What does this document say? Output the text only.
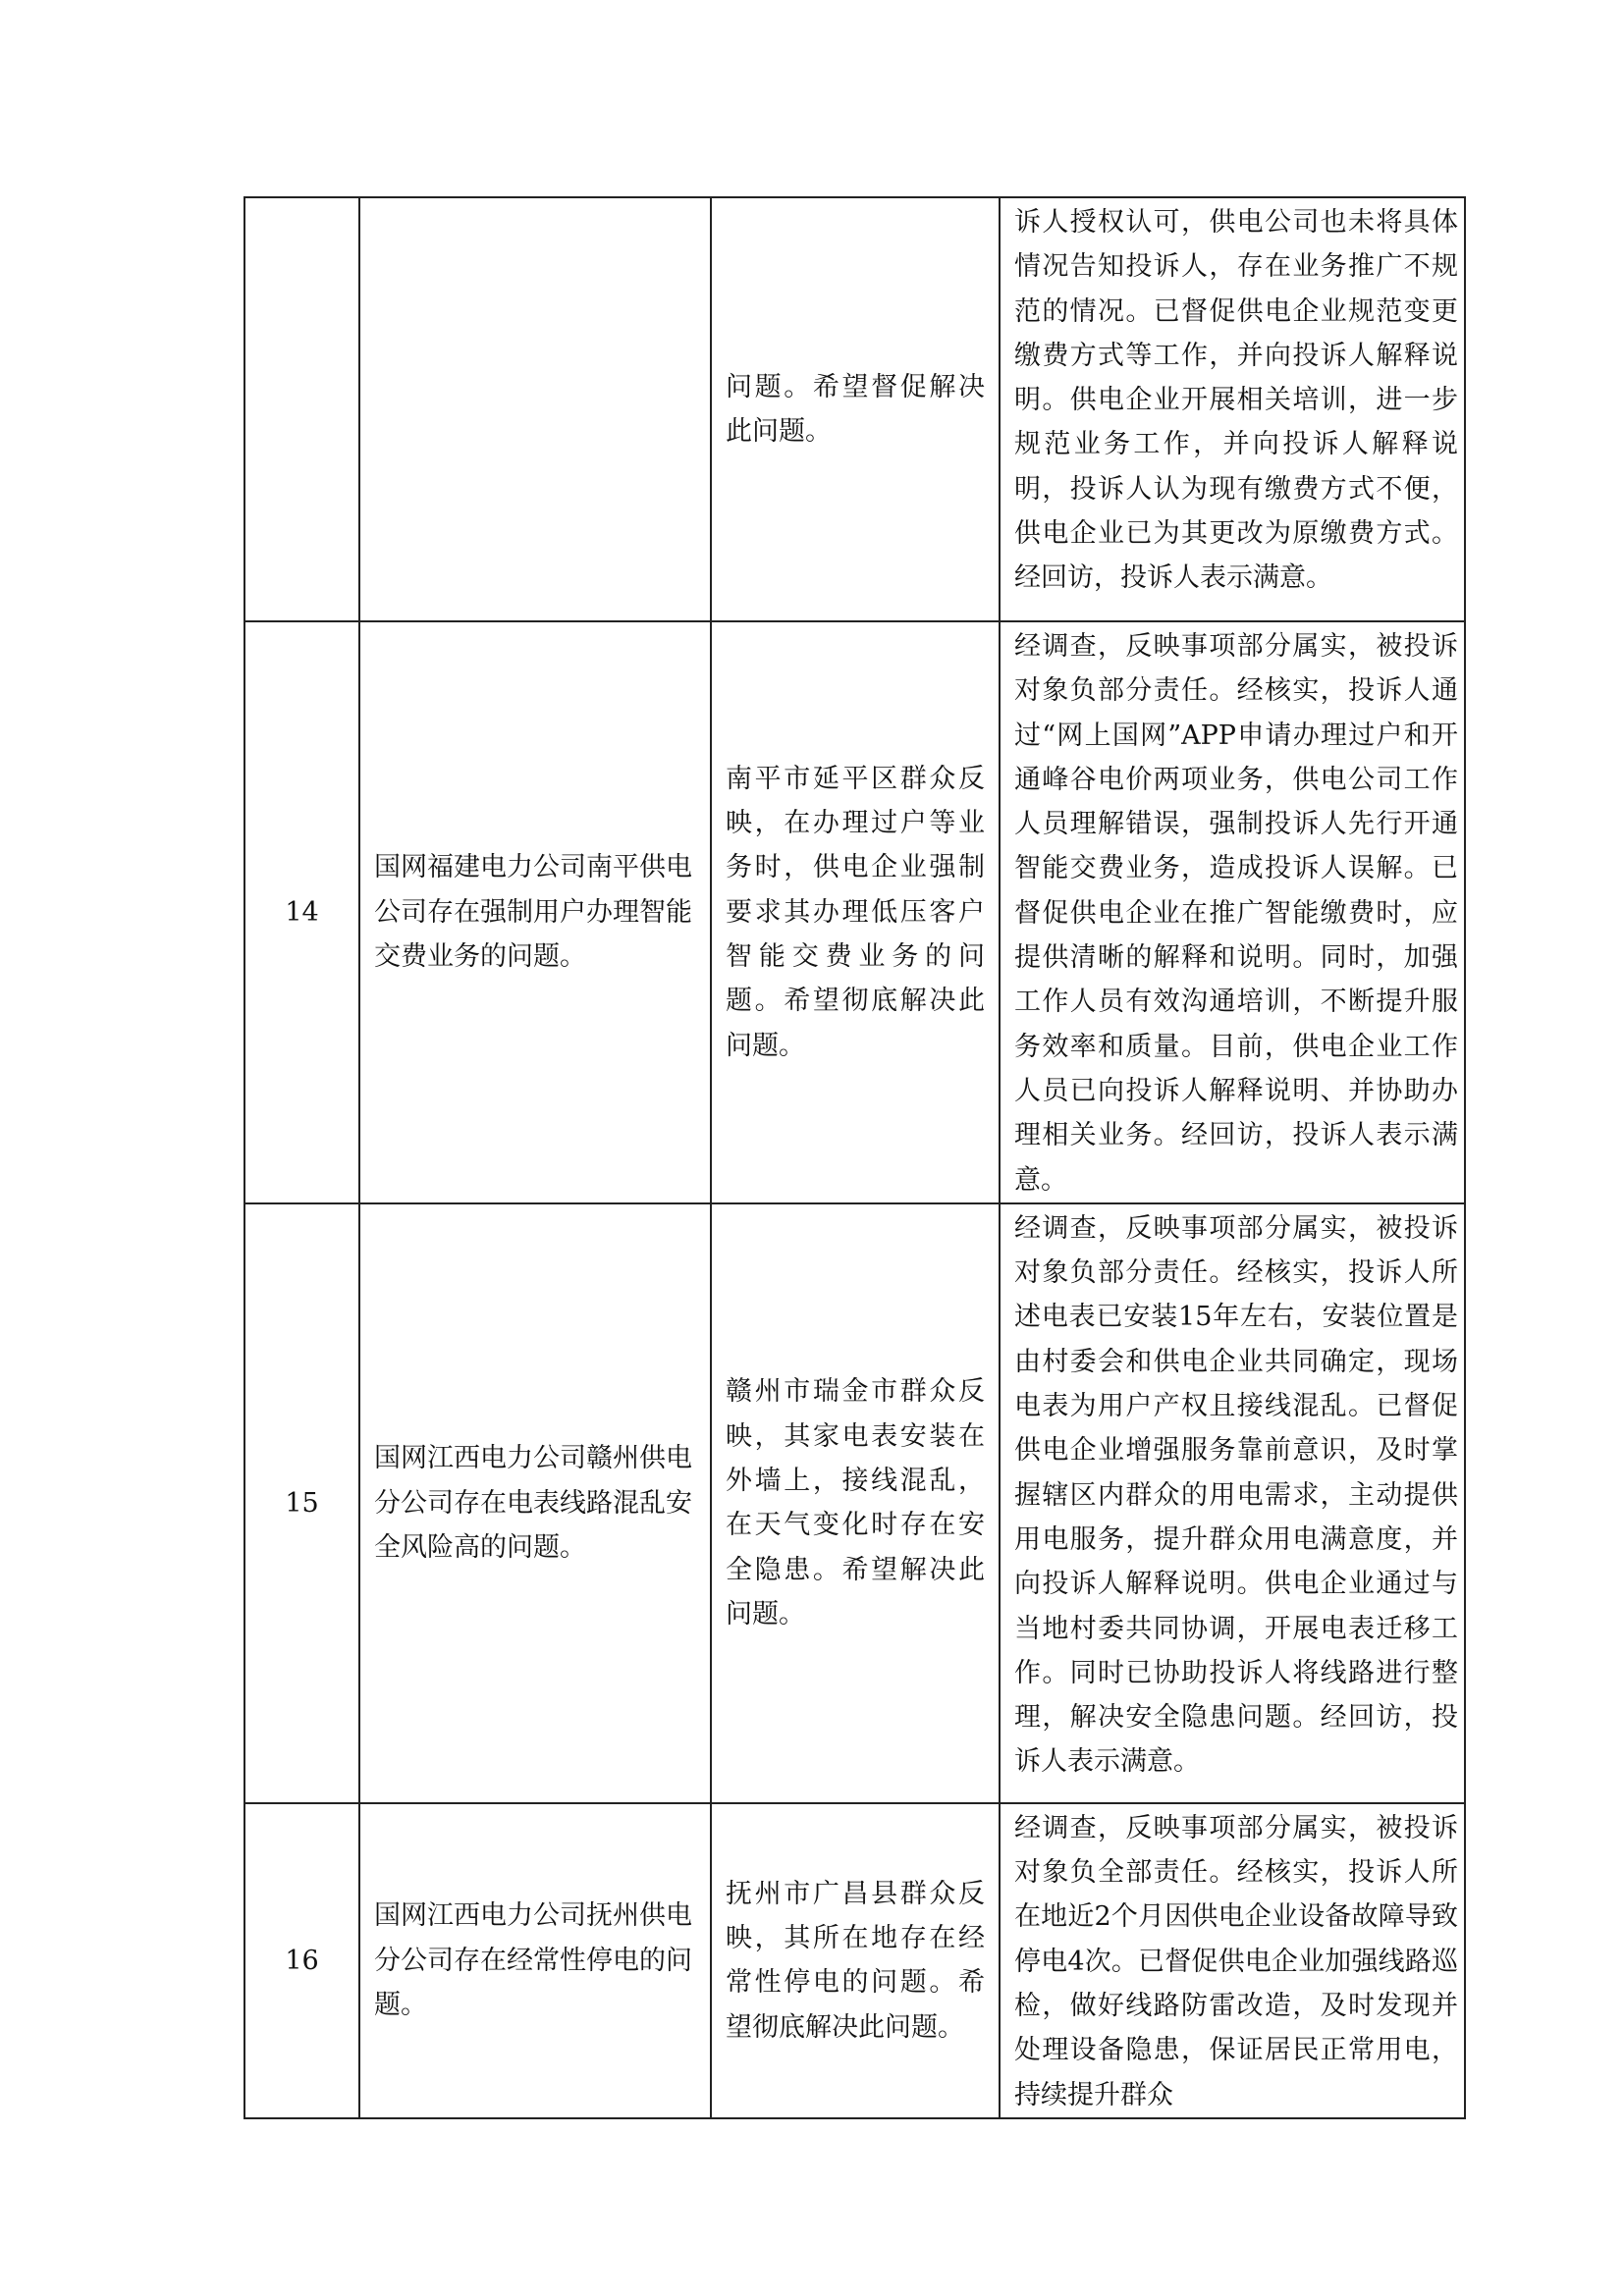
		问题。希望督促解决此问题。	诉人授权认可，供电公司也未将具体情况告知投诉人，存在业务推广不规范的情况。已督促供电企业规范变更缴费方式等工作，并向投诉人解释说明。供电企业开展相关培训，进一步规范业务工作，并向投诉人解释说明，投诉人认为现有缴费方式不便，供电企业已为其更改为原缴费方式。经回访，投诉人表示满意。
14	国网福建电力公司南平供电公司存在强制用户办理智能交费业务的问题。	南平市延平区群众反映，在办理过户等业务时，供电企业强制要求其办理低压客户智能交费业务的问题。希望彻底解决此问题。	经调查，反映事项部分属实，被投诉对象负部分责任。经核实，投诉人通过“网上国网”APP申请办理过户和开通峰谷电价两项业务，供电公司工作人员理解错误，强制投诉人先行开通智能交费业务，造成投诉人误解。已督促供电企业在推广智能缴费时，应提供清晰的解释和说明。同时，加强工作人员有效沟通培训，不断提升服务效率和质量。目前，供电企业工作人员已向投诉人解释说明、并协助办理相关业务。经回访，投诉人表示满意。
15	国网江西电力公司赣州供电分公司存在电表线路混乱安全风险高的问题。	赣州市瑞金市群众反映，其家电表安装在外墙上，接线混乱，在天气变化时存在安全隐患。希望解决此问题。	经调查，反映事项部分属实，被投诉对象负部分责任。经核实，投诉人所述电表已安装15年左右，安装位置是由村委会和供电企业共同确定，现场电表为用户产权且接线混乱。已督促供电企业增强服务靠前意识，及时掌握辖区内群众的用电需求，主动提供用电服务，提升群众用电满意度，并向投诉人解释说明。供电企业通过与当地村委共同协调，开展电表迁移工作。同时已协助投诉人将线路进行整理，解决安全隐患问题。经回访，投诉人表示满意。
16	国网江西电力公司抚州供电分公司存在经常性停电的问题。	抚州市广昌县群众反映，其所在地存在经常性停电的问题。希望彻底解决此问题。	经调查，反映事项部分属实，被投诉对象负全部责任。经核实，投诉人所在地近2个月因供电企业设备故障导致停电4次。已督促供电企业加强线路巡检，做好线路防雷改造，及时发现并处理设备隐患，保证居民正常用电，持续提升群众
